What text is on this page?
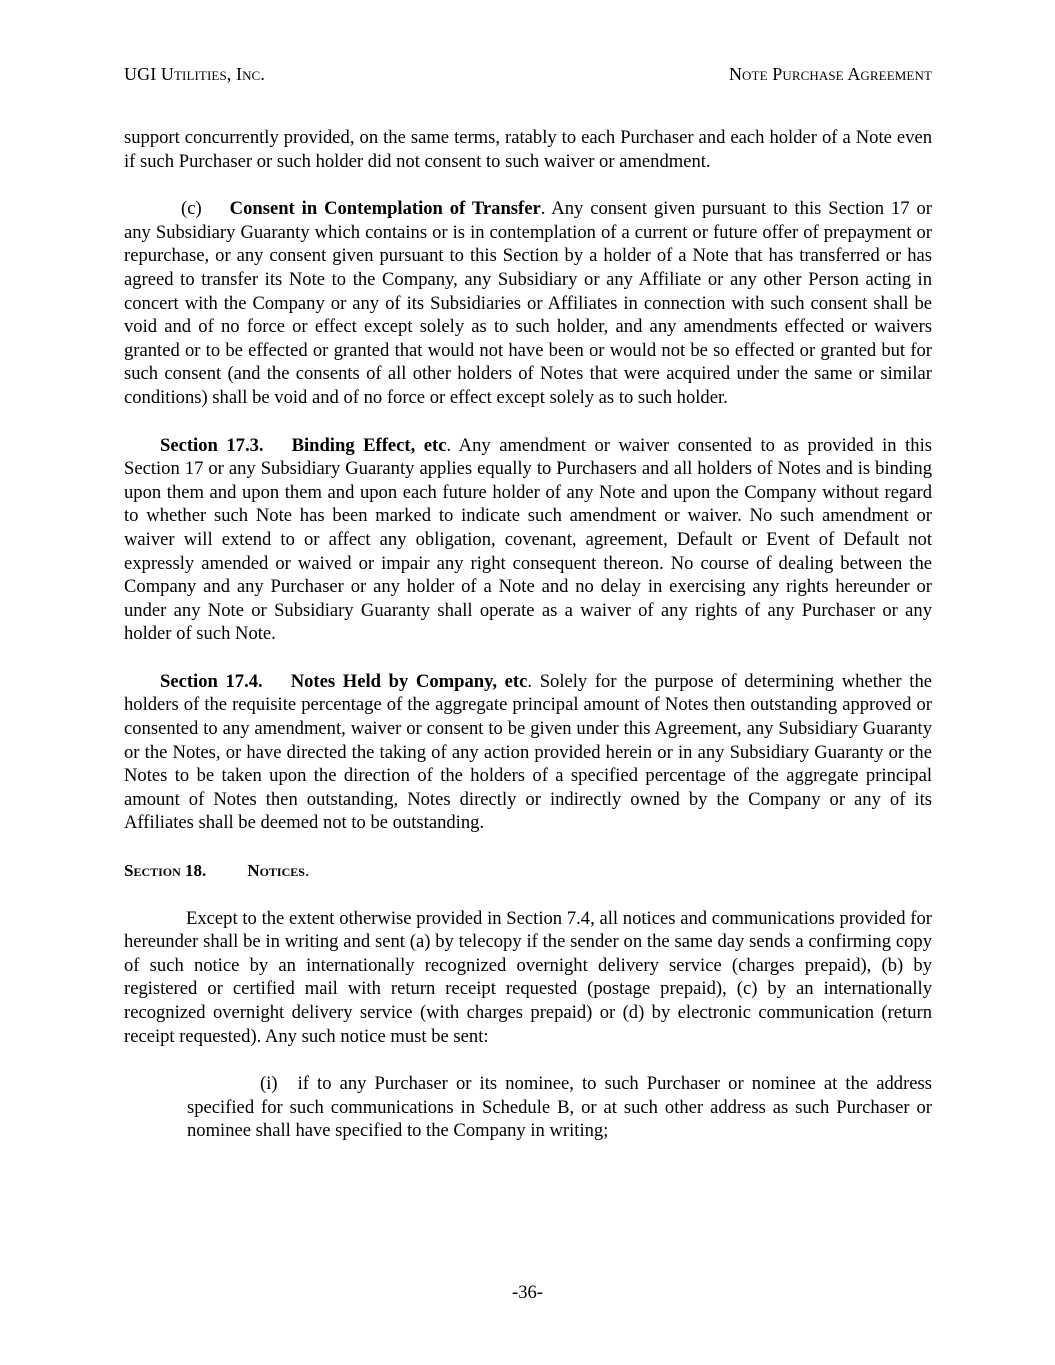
UGI Utilities, Inc.	Note Purchase Agreement

support concurrently provided, on the same terms, ratably to each Purchaser and each holder of a Note even if such Purchaser or such holder did not consent to such waiver or amendment.

(c) Consent in Contemplation of Transfer. Any consent given pursuant to this Section 17 or any Subsidiary Guaranty which contains or is in contemplation of a current or future offer of prepayment or repurchase, or any consent given pursuant to this Section by a holder of a Note that has transferred or has agreed to transfer its Note to the Company, any Subsidiary or any Affiliate or any other Person acting in concert with the Company or any of its Subsidiaries or Affiliates in connection with such consent shall be void and of no force or effect except solely as to such holder, and any amendments effected or waivers granted or to be effected or granted that would not have been or would not be so effected or granted but for such consent (and the consents of all other holders of Notes that were acquired under the same or similar conditions) shall be void and of no force or effect except solely as to such holder.

Section 17.3. Binding Effect, etc. Any amendment or waiver consented to as provided in this Section 17 or any Subsidiary Guaranty applies equally to Purchasers and all holders of Notes and is binding upon them and upon them and upon each future holder of any Note and upon the Company without regard to whether such Note has been marked to indicate such amendment or waiver. No such amendment or waiver will extend to or affect any obligation, covenant, agreement, Default or Event of Default not expressly amended or waived or impair any right consequent thereon. No course of dealing between the Company and any Purchaser or any holder of a Note and no delay in exercising any rights hereunder or under any Note or Subsidiary Guaranty shall operate as a waiver of any rights of any Purchaser or any holder of such Note.

Section 17.4. Notes Held by Company, etc. Solely for the purpose of determining whether the holders of the requisite percentage of the aggregate principal amount of Notes then outstanding approved or consented to any amendment, waiver or consent to be given under this Agreement, any Subsidiary Guaranty or the Notes, or have directed the taking of any action provided herein or in any Subsidiary Guaranty or the Notes to be taken upon the direction of the holders of a specified percentage of the aggregate principal amount of Notes then outstanding, Notes directly or indirectly owned by the Company or any of its Affiliates shall be deemed not to be outstanding.

Section 18. Notices.

Except to the extent otherwise provided in Section 7.4, all notices and communications provided for hereunder shall be in writing and sent (a) by telecopy if the sender on the same day sends a confirming copy of such notice by an internationally recognized overnight delivery service (charges prepaid), (b) by registered or certified mail with return receipt requested (postage prepaid), (c) by an internationally recognized overnight delivery service (with charges prepaid) or (d) by electronic communication (return receipt requested). Any such notice must be sent:

(i) if to any Purchaser or its nominee, to such Purchaser or nominee at the address specified for such communications in Schedule B, or at such other address as such Purchaser or nominee shall have specified to the Company in writing;

-36-
